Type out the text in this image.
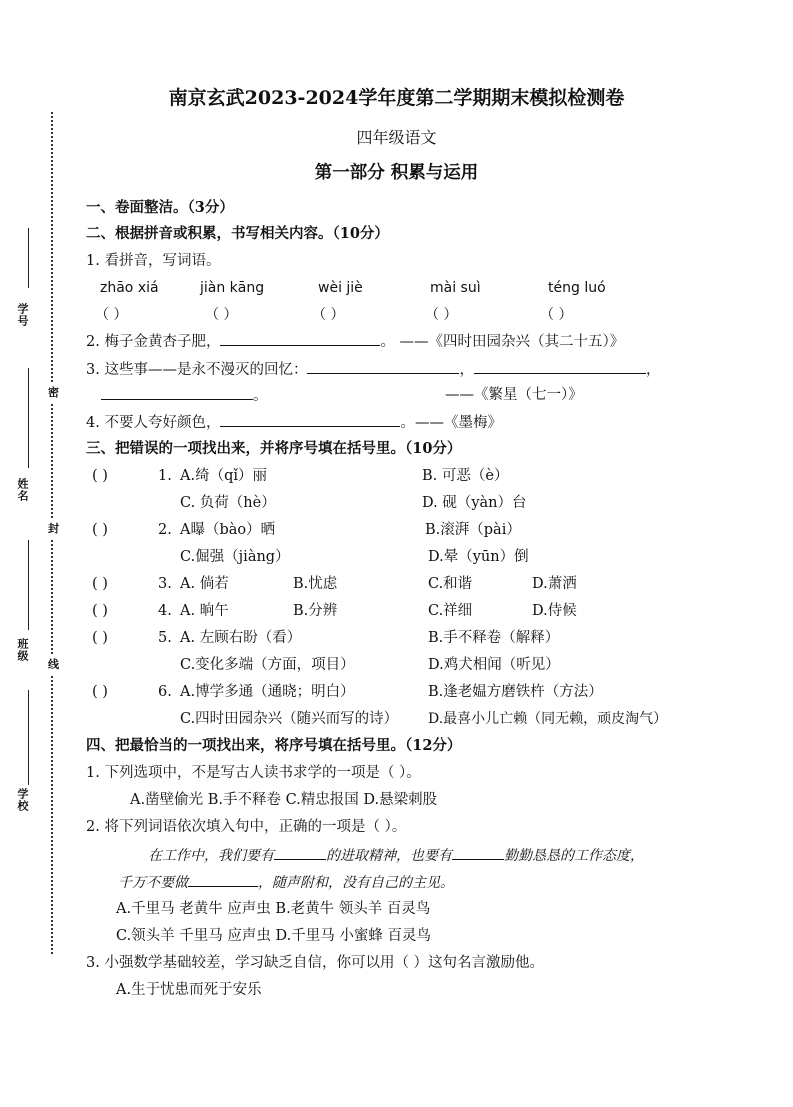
学号
姓名
班级
学校
密
封
线
南京玄武2023-2024学年度第二学期期末模拟检测卷
四年级语文
第一部分 积累与运用
一、卷面整洁。（3分）
二、根据拼音或积累，书写相关内容。（10分）
1. 看拼音，写词语。
zhāo xiá	jiàn kāng	wèi jiè	mài suì	téng luó
（ ）	（ ）	（ ）	（ ）	（ ）
2. 梅子金黄杏子肥，	。 ——《四时田园杂兴（其二十五）》
3. 这些事——是永不漫灭的回忆：	，	，
。	——《繁星（七一）》
4. 不要人夸好颜色，	。——《墨梅》
三、把错误的一项找出来，并将序号填在括号里。（10分）
( )	1. A.绮（qǐ）丽	B. 可恶（è）
C. 负荷（hè）	D. 砚（yàn）台
( )	2. A曝（bào）晒	B.滚湃（pài）
C.倔强（jiàng）	D.晕（yūn）倒
( )	3. A. 倘若	B.忧虑	C.和谐	D.萧洒
( )	4. A. 晌午	B.分辨	C.祥细	D.侍候
( )	5. A. 左顾右盼（看）	B.手不释卷（解释）
C.变化多端（方面，项目）	D.鸡犬相闻（听见）
( )	6. A.博学多通（通晓；明白）	B.逢老媪方磨铁杵（方法）
C.四时田园杂兴（随兴而写的诗） D.最喜小儿亡赖（同无赖，顽皮淘气）
四、把最恰当的一项找出来，将序号填在括号里。（12分）
1. 下列选项中，不是写古人读书求学的一项是（ ）。
A.凿壁偷光 B.手不释卷 C.精忠报国 D.悬梁刺股
2. 将下列词语依次填入句中，正确的一项是（ ）。
在工作中，我们要有	的进取精神，也要有	勤勤恳恳的工作态度，
千万不要做	，随声附和，没有自己的主见。
A.千里马 老黄牛 应声虫 B.老黄牛 领头羊 百灵鸟
C.领头羊 千里马 应声虫 D.千里马 小蜜蜂 百灵鸟
3. 小强数学基础较差，学习缺乏自信，你可以用（ ）这句名言激励他。
A.生于忧患而死于安乐
